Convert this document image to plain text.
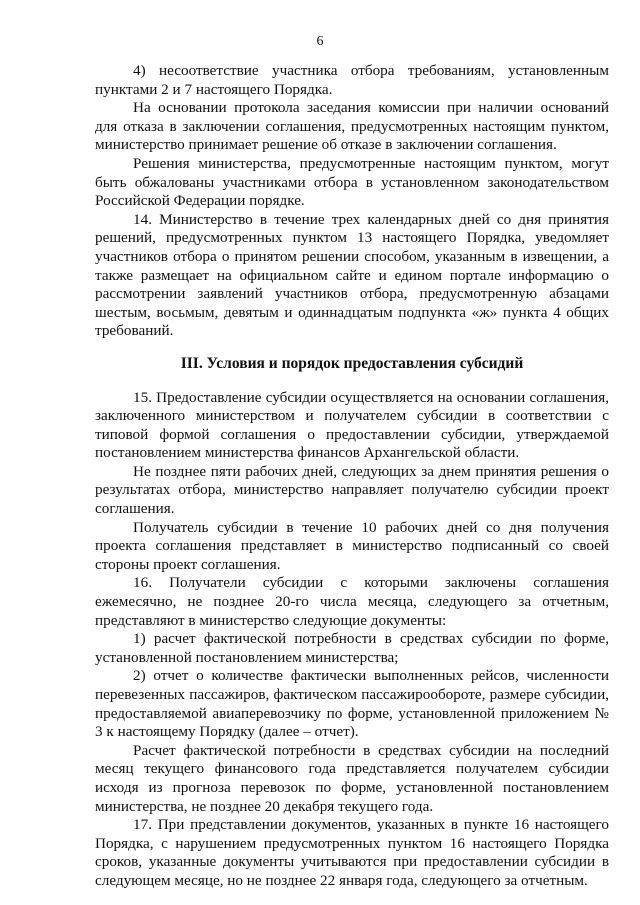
6

4) несоответствие участника отбора требованиям, установленным пунктами 2 и 7 настоящего Порядка.

На основании протокола заседания комиссии при наличии оснований для отказа в заключении соглашения, предусмотренных настоящим пунктом, министерство принимает решение об отказе в заключении соглашения.

Решения министерства, предусмотренные настоящим пунктом, могут быть обжалованы участниками отбора в установленном законодательством Российской Федерации порядке.

14. Министерство в течение трех календарных дней со дня принятия решений, предусмотренных пунктом 13 настоящего Порядка, уведомляет участников отбора о принятом решении способом, указанным в извещении, а также размещает на официальном сайте и едином портале информацию о рассмотрении заявлений участников отбора, предусмотренную абзацами шестым, восьмым, девятым и одиннадцатым подпункта «ж» пункта 4 общих требований.

III. Условия и порядок предоставления субсидий

15. Предоставление субсидии осуществляется на основании соглашения, заключенного министерством и получателем субсидии в соответствии с типовой формой соглашения о предоставлении субсидии, утверждаемой постановлением министерства финансов Архангельской области.

Не позднее пяти рабочих дней, следующих за днем принятия решения о результатах отбора, министерство направляет получателю субсидии проект соглашения.

Получатель субсидии в течение 10 рабочих дней со дня получения проекта соглашения представляет в министерство подписанный со своей стороны проект соглашения.

16. Получатели субсидии с которыми заключены соглашения ежемесячно, не позднее 20-го числа месяца, следующего за отчетным, представляют в министерство следующие документы:

1) расчет фактической потребности в средствах субсидии по форме, установленной постановлением министерства;

2) отчет о количестве фактически выполненных рейсов, численности перевезенных пассажиров, фактическом пассажирообороте, размере субсидии, предоставляемой авиаперевозчику по форме, установленной приложением № 3 к настоящему Порядку (далее – отчет).

Расчет фактической потребности в средствах субсидии на последний месяц текущего финансового года представляется получателем субсидии исходя из прогноза перевозок по форме, установленной постановлением министерства, не позднее 20 декабря текущего года.

17. При представлении документов, указанных в пункте 16 настоящего Порядка, с нарушением предусмотренных пунктом 16 настоящего Порядка сроков, указанные документы учитываются при предоставлении субсидии в следующем месяце, но не позднее 22 января года, следующего за отчетным.
